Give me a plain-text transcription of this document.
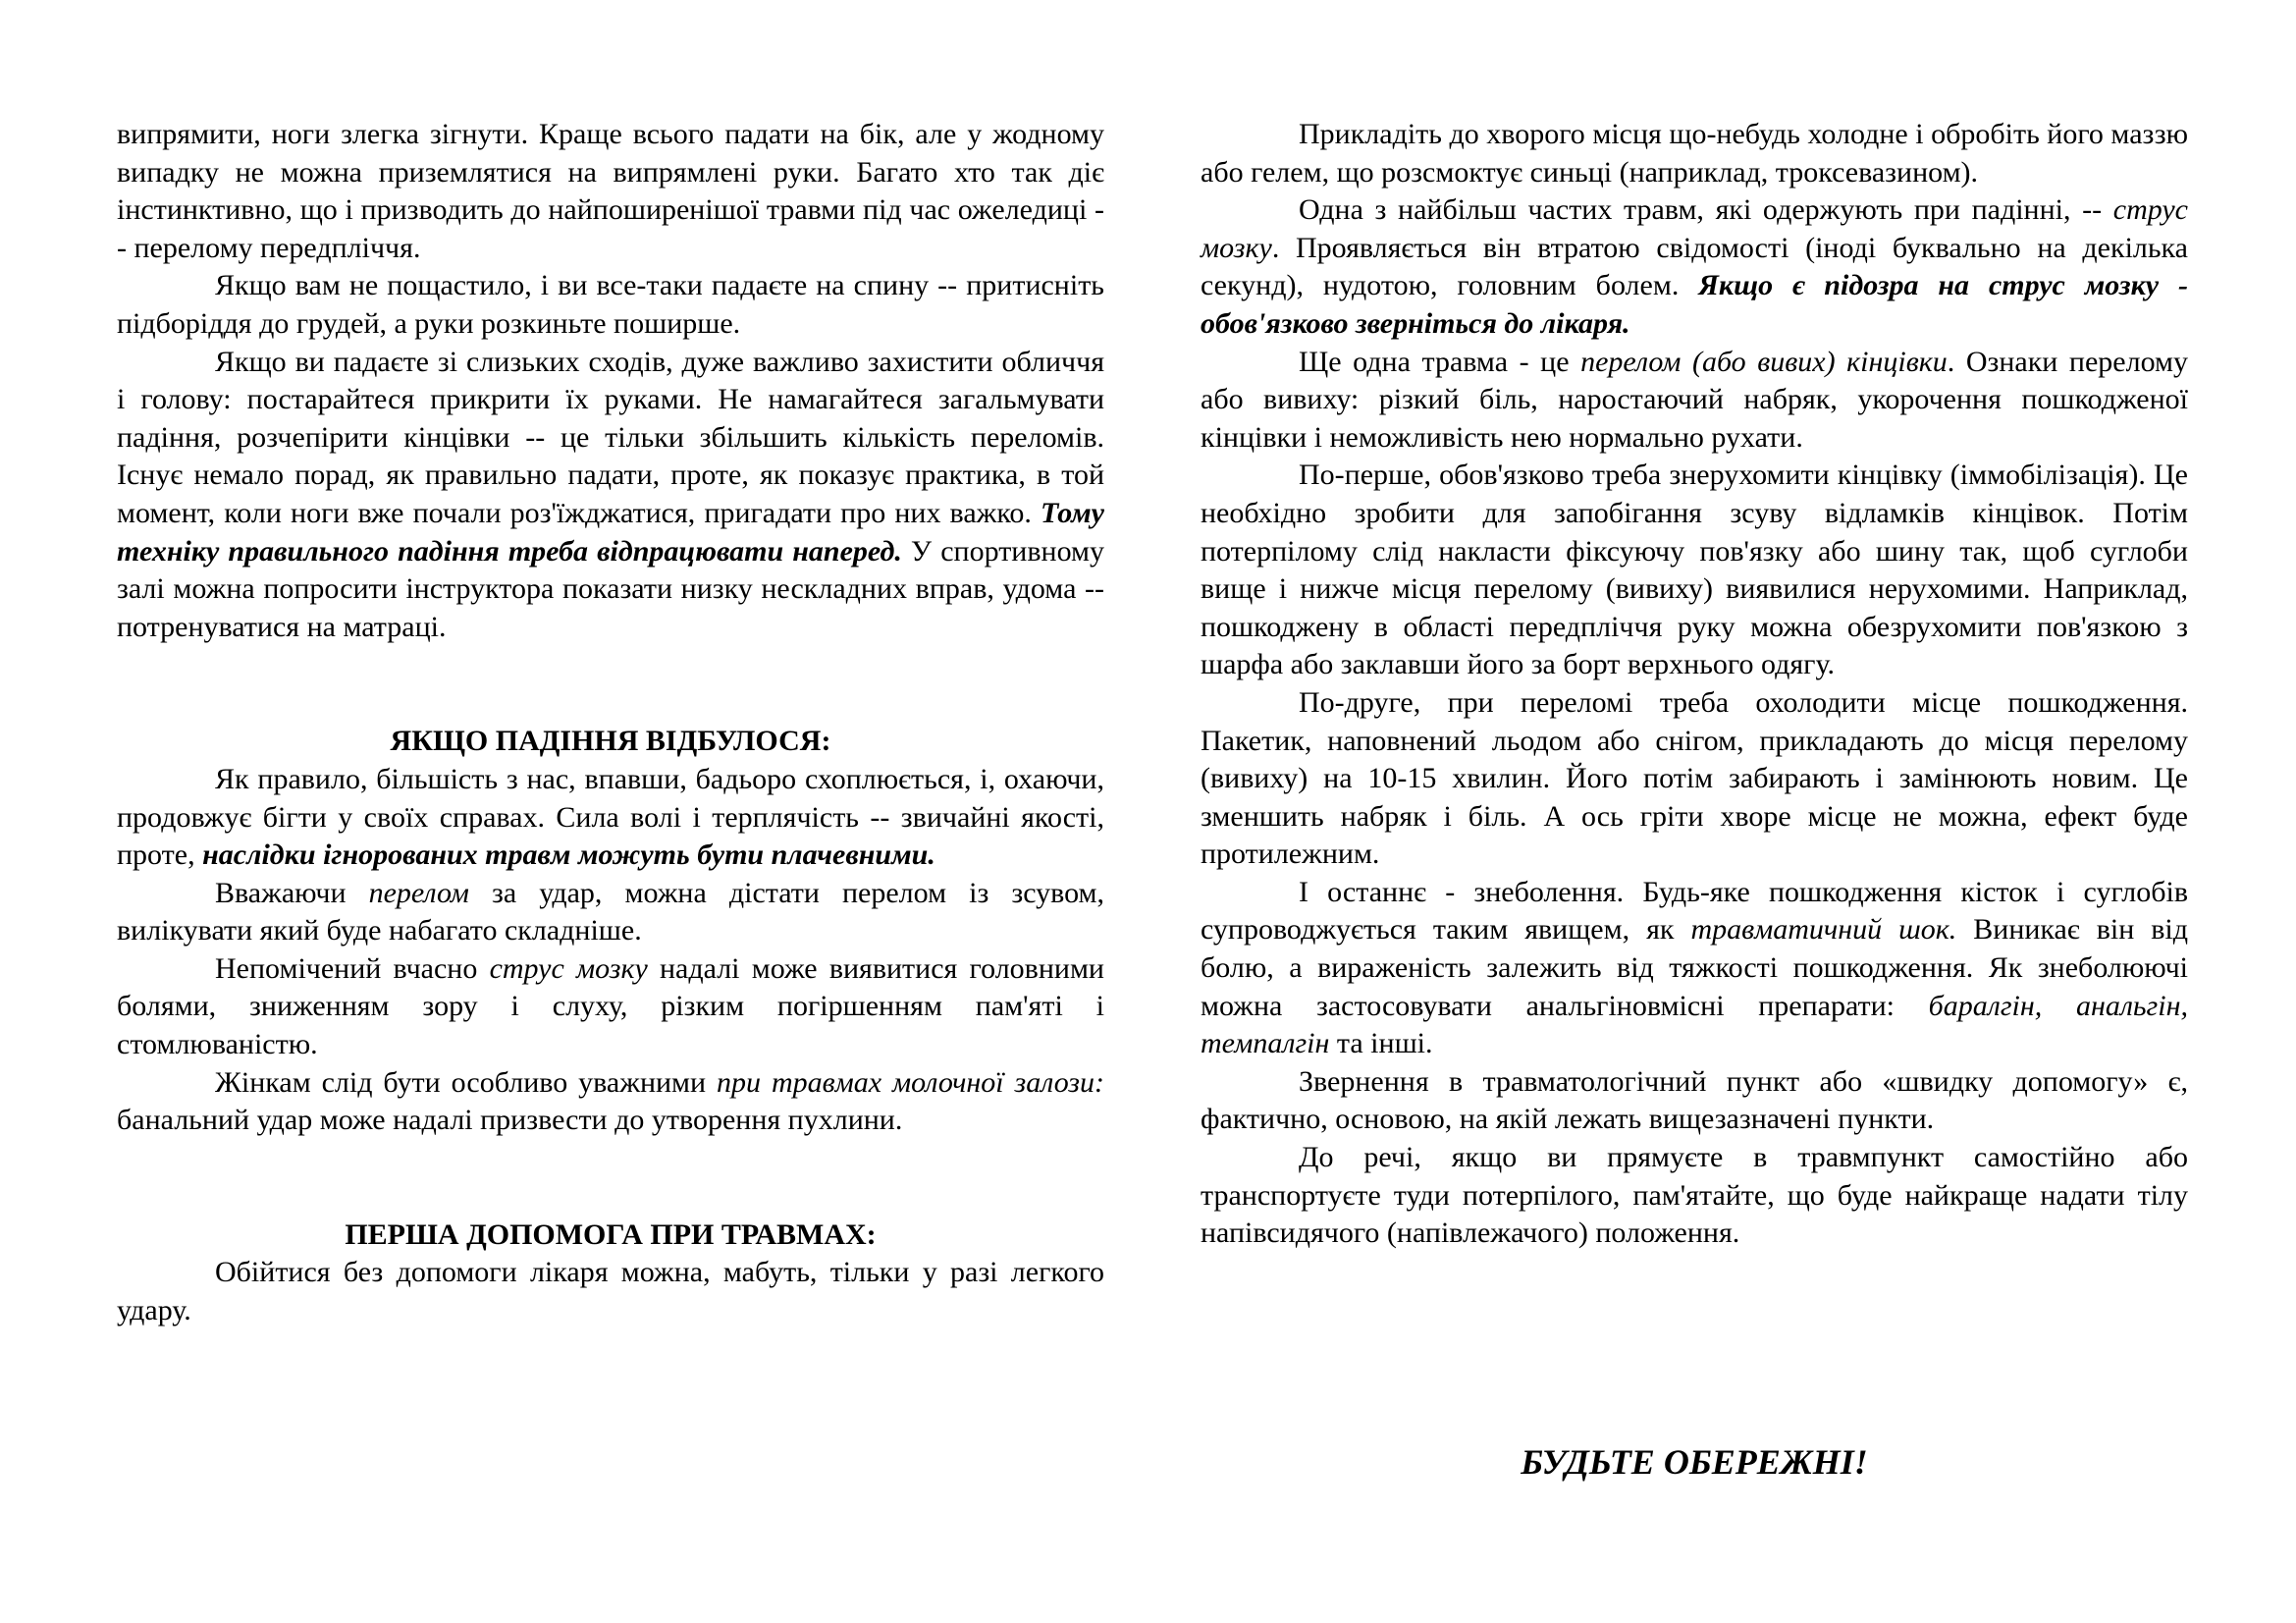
випрямити, ноги злегка зігнути. Краще всього падати на бік, але у жодному випадку не можна приземлятися на випрямлені руки. Багато хто так діє інстинктивно, що і призводить до найпоширенішої травми під час ожеледиці -- перелому передпліччя.

Якщо вам не пощастило, і ви все-таки падаєте на спину -- притисніть підборіддя до грудей, а руки розкиньте поширше.

Якщо ви падаєте зі слизьких сходів, дуже важливо захистити обличчя і голову: постарайтеся прикрити їх руками. Не намагайтеся загальмувати падіння, розчепірити кінцівки -- це тільки збільшить кількість переломів. Існує немало порад, як правильно падати, проте, як показує практика, в той момент, коли ноги вже почали роз'їжджатися, пригадати про них важко. Тому техніку правильного падіння треба відпрацювати наперед. У спортивному залі можна попросити інструктора показати низку нескладних вправ, удома -- потренуватися на матраці.

ЯКЩО ПАДІННЯ ВІДБУЛОСЯ:

Як правило, більшість з нас, впавши, бадьоро схоплюється, і, охаючи, продовжує бігти у своїх справах. Сила волі і терплячість -- звичайні якості, проте, наслідки ігнорованих травм можуть бути плачевними.

Вважаючи перелом за удар, можна дістати перелом із зсувом, вилікувати який буде набагато складніше.

Непомічений вчасно струс мозку надалі може виявитися головними болями, зниженням зору і слуху, різким погіршенням пам'яті і стомлюваністю.

Жінкам слід бути особливо уважними при травмах молочної залози: банальний удар може надалі призвести до утворення пухлини.

ПЕРША ДОПОМОГА ПРИ ТРАВМАХ:

Обійтися без допомоги лікаря можна, мабуть, тільки у разі легкого удару.

Прикладіть до хворого місця що-небудь холодне і обробіть його маззю або гелем, що розсмоктує синьці (наприклад, троксевазином).

Одна з найбільш частих травм, які одержують при падінні, -- струс мозку. Проявляється він втратою свідомості (іноді буквально на декілька секунд), нудотою, головним болем. Якщо є підозра на струс мозку - обов'язково зверніться до лікаря.

Ще одна травма - це перелом (або вивих) кінцівки. Ознаки перелому або вивиху: різкий біль, наростаючий набряк, укорочення пошкодженої кінцівки і неможливість нею нормально рухати.

По-перше, обов'язково треба знерухомити кінцівку (іммобілізація). Це необхідно зробити для запобігання зсуву відламків кінцівок. Потім потерпілому слід накласти фіксуючу пов'язку або шину так, щоб суглоби вище і нижче місця перелому (вивиху) виявилися нерухомими. Наприклад, пошкоджену в області передпліччя руку можна обезрухомити пов'язкою з шарфа або заклавши його за борт верхнього одягу.

По-друге, при переломі треба охолодити місце пошкодження. Пакетик, наповнений льодом або снігом, прикладають до місця перелому (вивиху) на 10-15 хвилин. Його потім забирають і замінюють новим. Це зменшить набряк і біль. А ось гріти хворе місце не можна, ефект буде протилежним.

І останнє - знеболення. Будь-яке пошкодження кісток і суглобів супроводжується таким явищем, як травматичний шок. Виникає він від болю, а вираженість залежить від тяжкості пошкодження. Як знеболюючі можна застосовувати анальгіновмісні препарати: баралгін, анальгін, темпалгін та інші.

Звернення в травматологічний пункт або «швидку допомогу» є, фактично, основою, на якій лежать вищезазначені пункти.

До речі, якщо ви прямуєте в травмпункт самостійно або транспортуєте туди потерпілого, пам'ятайте, що буде найкраще надати тілу напівсидячого (напівлежачого) положення.

БУДЬТЕ ОБЕРЕЖНІ!
